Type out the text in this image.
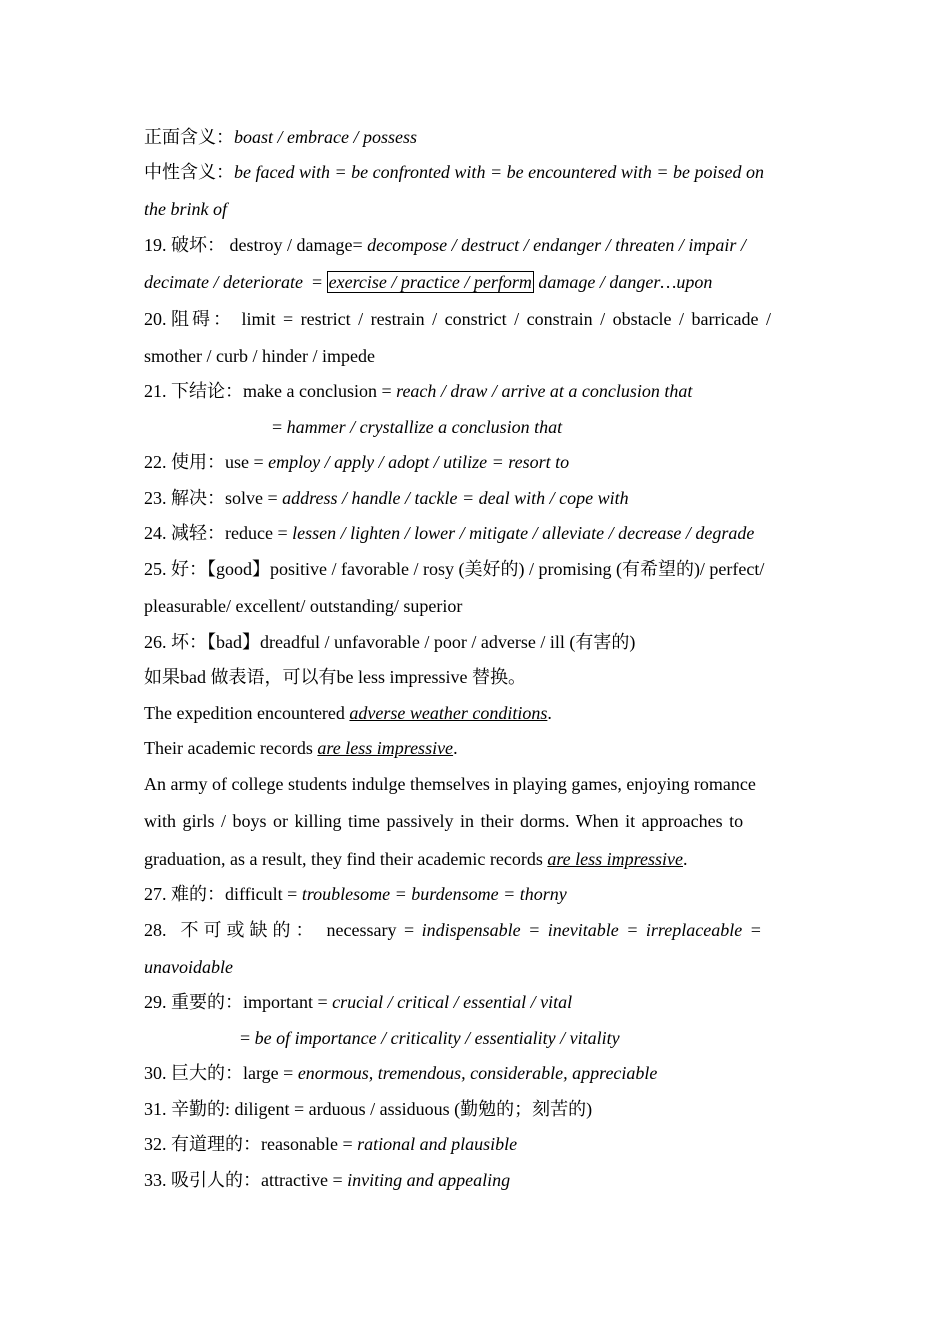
正面含义：boast / embrace / possess
中性含义：be faced with = be confronted with = be encountered with = be poised on
the brink of
19. 破坏： destroy / damage= decompose / destruct / endanger / threaten / impair /
decimate / deteriorate  = exercise / practice / perform damage / danger…upon
20. 阻碍： limit = restrict / restrain / constrict / constrain / obstacle / barricade /
smother / curb / hinder / impede
21. 下结论：make a conclusion = reach / draw / arrive at a conclusion that
= hammer / crystallize a conclusion that
22. 使用：use = employ / apply / adopt / utilize = resort to
23. 解决：solve = address / handle / tackle = deal with / cope with
24. 减轻：reduce = lessen / lighten / lower / mitigate / alleviate / decrease / degrade
25. 好：【good】positive / favorable / rosy (美好的) / promising (有希望的)/ perfect/
pleasurable/ excellent/ outstanding/ superior
26. 坏：【bad】dreadful / unfavorable / poor / adverse / ill (有害的)
如果bad 做表语，可以有be less impressive 替换。
The expedition encountered adverse weather conditions.
Their academic records are less impressive.
An army of college students indulge themselves in playing games, enjoying romance
with girls / boys or killing time passively in their dorms. When it approaches to
graduation, as a result, they find their academic records are less impressive.
27. 难的：difficult = troublesome = burdensome = thorny
28. 不可或缺的： necessary = indispensable = inevitable = irreplaceable =
unavoidable
29. 重要的：important = crucial / critical / essential / vital
= be of importance / criticality / essentiality / vitality
30. 巨大的：large = enormous, tremendous, considerable, appreciable
31. 辛勤的: diligent = arduous / assiduous (勤勉的；刻苦的)
32. 有道理的：reasonable = rational and plausible
33. 吸引人的：attractive = inviting and appealing
